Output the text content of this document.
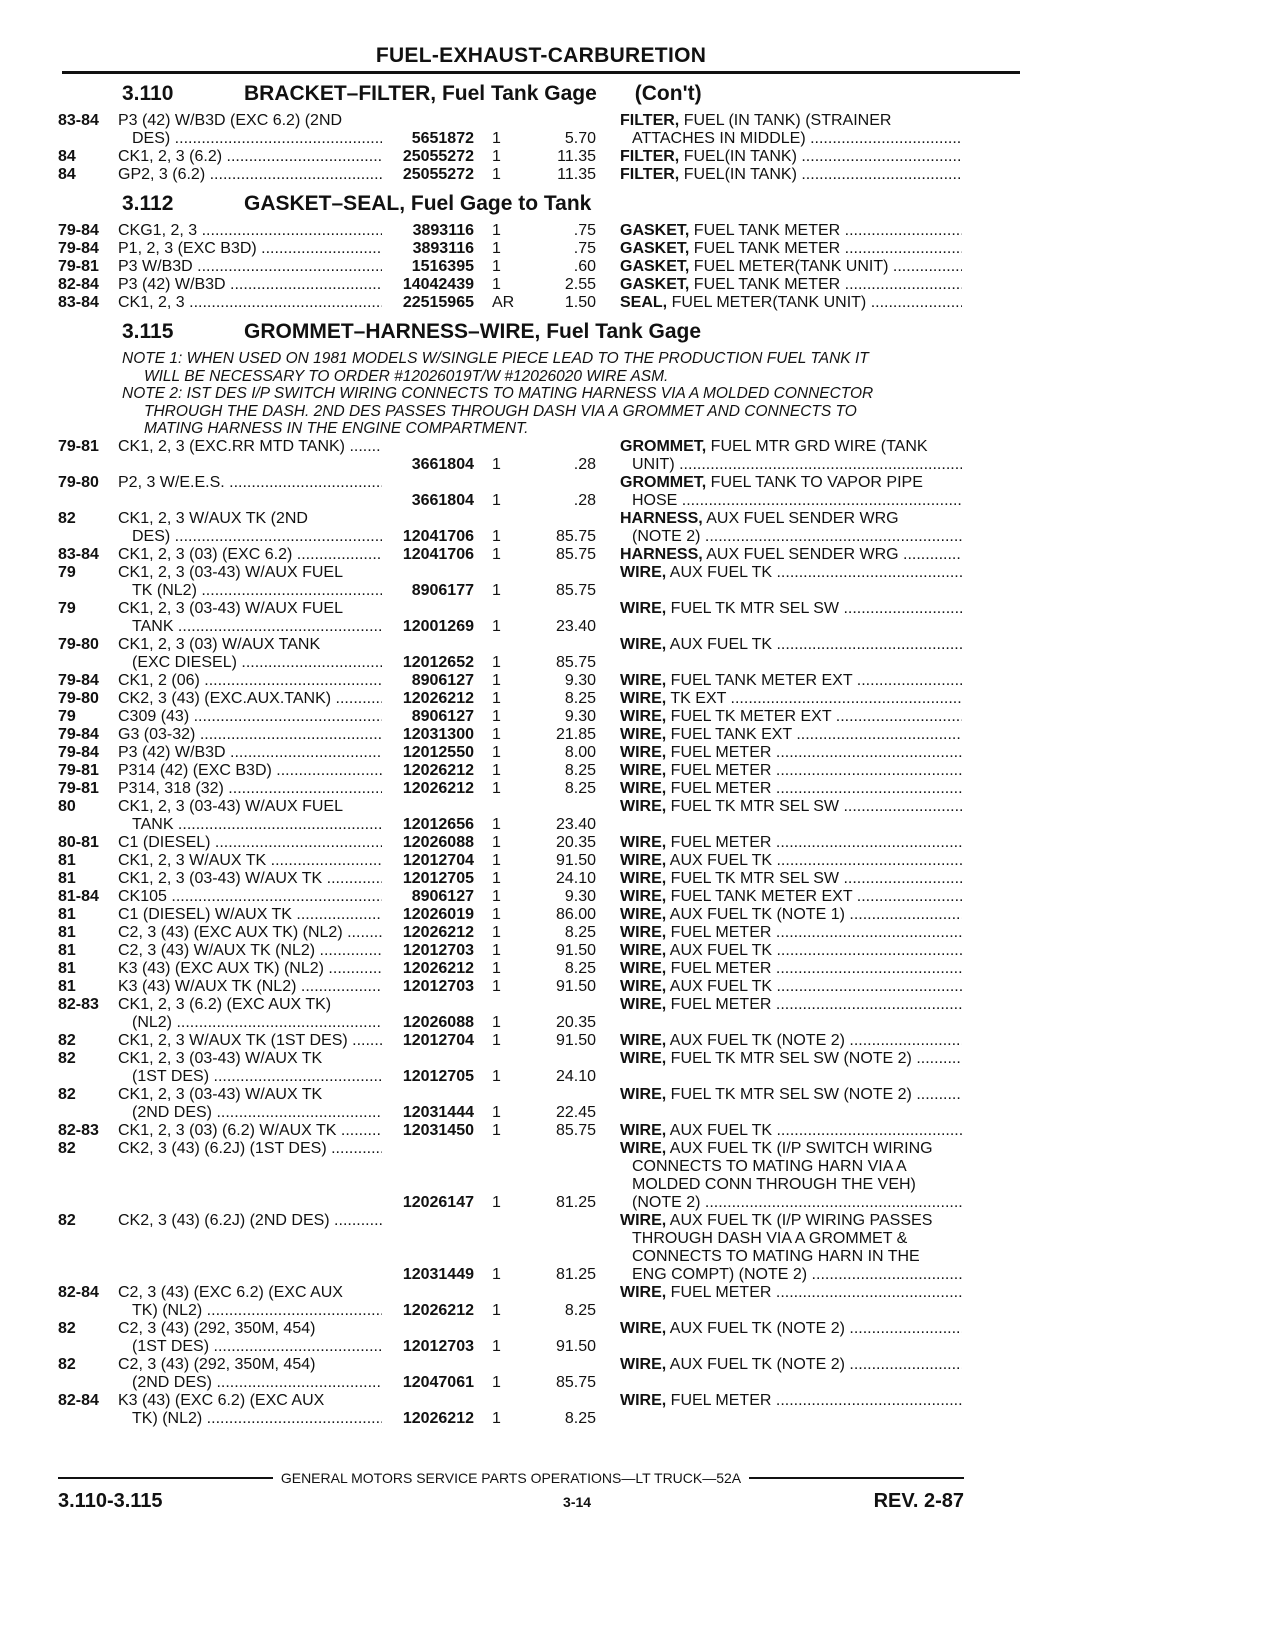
FUEL-EXHAUST-CARBURETION
3.110	BRACKET–FILTER, Fuel Tank Gage (Con't)
83-84	P3 (42) W/B3D (EXC 6.2) (2ND
DES) .....	5651872	1	5.70
FILTER, FUEL (IN TANK) (STRAINER
ATTACHES IN MIDDLE) .....
84	CK1, 2, 3 (6.2) .....	25055272	1	11.35 FILTER, FUEL(IN TANK) .....
84	GP2, 3 (6.2) .....	25055272	1	11.35 FILTER, FUEL(IN TANK) .....
3.112	GASKET–SEAL, Fuel Gage to Tank
79-84	CKG1, 2, 3 .....	3893116	1	.75 GASKET, FUEL TANK METER .....
79-84	P1, 2, 3 (EXC B3D) .....	3893116	1	.75 GASKET, FUEL TANK METER .....
79-81	P3 W/B3D .....	1516395	1	.60 GASKET, FUEL METER(TANK UNIT) .....
82-84	P3 (42) W/B3D .....	14042439	1	2.55 GASKET, FUEL TANK METER .....
83-84	CK1, 2, 3 .....	22515965	AR	1.50 SEAL, FUEL METER(TANK UNIT) .....
3.115	GROMMET–HARNESS–WIRE, Fuel Tank Gage
NOTE 1: WHEN USED ON 1981 MODELS W/SINGLE PIECE LEAD TO THE PRODUCTION FUEL TANK IT
WILL BE NECESSARY TO ORDER #12026019T/W #12026020 WIRE ASM.
NOTE 2: IST DES I/P SWITCH WIRING CONNECTS TO MATING HARNESS VIA A MOLDED CONNECTOR
THROUGH THE DASH. 2ND DES PASSES THROUGH DASH VIA A GROMMET AND CONNECTS TO
MATING HARNESS IN THE ENGINE COMPARTMENT.
79-81	CK1, 2, 3 (EXC.RR MTD TANK) .....
3661804	1	.28
GROMMET, FUEL MTR GRD WIRE (TANK
UNIT) .....
79-80	P2, 3 W/E.E.S. .....
3661804	1	.28
GROMMET, FUEL TANK TO VAPOR PIPE
HOSE .....
82	CK1, 2, 3 W/AUX TK (2ND
DES) .....	12041706	1	85.75
HARNESS, AUX FUEL SENDER WRG
(NOTE 2) .....
83-84	CK1, 2, 3 (03) (EXC 6.2) .....	12041706	1	85.75 HARNESS, AUX FUEL SENDER WRG .....
79	CK1, 2, 3 (03-43) W/AUX FUEL
TK (NL2) .....	8906177	1	85.75
WIRE, AUX FUEL TK .....
79	CK1, 2, 3 (03-43) W/AUX FUEL
TANK .....	12001269	1	23.40
WIRE, FUEL TK MTR SEL SW .....
79-80	CK1, 2, 3 (03) W/AUX TANK
(EXC DIESEL) .....	12012652	1	85.75
WIRE, AUX FUEL TK .....
79-84	CK1, 2 (06) .....	8906127	1	9.30 WIRE, FUEL TANK METER EXT .....
79-80	CK2, 3 (43) (EXC.AUX.TANK) .....	12026212	1	8.25 WIRE, TK EXT .....
79	C309 (43) .....	8906127	1	9.30 WIRE, FUEL TK METER EXT .....
79-84	G3 (03-32) .....	12031300	1	21.85 WIRE, FUEL TANK EXT .....
79-84	P3 (42) W/B3D .....	12012550	1	8.00 WIRE, FUEL METER .....
79-81	P314 (42) (EXC B3D) .....	12026212	1	8.25 WIRE, FUEL METER .....
79-81	P314, 318 (32) .....	12026212	1	8.25 WIRE, FUEL METER .....
80	CK1, 2, 3 (03-43) W/AUX FUEL
TANK .....	12012656	1	23.40
WIRE, FUEL TK MTR SEL SW .....
80-81	C1 (DIESEL) .....	12026088	1	20.35 WIRE, FUEL METER .....
81	CK1, 2, 3 W/AUX TK .....	12012704	1	91.50 WIRE, AUX FUEL TK .....
81	CK1, 2, 3 (03-43) W/AUX TK .....	12012705	1	24.10 WIRE, FUEL TK MTR SEL SW .....
81-84	CK105 .....	8906127	1	9.30 WIRE, FUEL TANK METER EXT .....
81	C1 (DIESEL) W/AUX TK .....	12026019	1	86.00 WIRE, AUX FUEL TK (NOTE 1) .....
81	C2, 3 (43) (EXC AUX TK) (NL2) .....	12026212	1	8.25 WIRE, FUEL METER .....
81	C2, 3 (43) W/AUX TK (NL2) .....	12012703	1	91.50 WIRE, AUX FUEL TK .....
81	K3 (43) (EXC AUX TK) (NL2) .....	12026212	1	8.25 WIRE, FUEL METER .....
81	K3 (43) W/AUX TK (NL2) .....	12012703	1	91.50 WIRE, AUX FUEL TK .....
82-83	CK1, 2, 3 (6.2) (EXC AUX TK)
(NL2) .....	12026088	1	20.35
WIRE, FUEL METER .....
82	CK1, 2, 3 W/AUX TK (1ST DES) .....	12012704	1	91.50 WIRE, AUX FUEL TK (NOTE 2) .....
82	CK1, 2, 3 (03-43) W/AUX TK
(1ST DES) .....	12012705	1	24.10
WIRE, FUEL TK MTR SEL SW (NOTE 2) .....
82	CK1, 2, 3 (03-43) W/AUX TK
(2ND DES) .....	12031444	1	22.45
WIRE, FUEL TK MTR SEL SW (NOTE 2) .....
82-83	CK1, 2, 3 (03) (6.2) W/AUX TK .....	12031450	1	85.75 WIRE, AUX FUEL TK .....
82	CK2, 3 (43) (6.2J) (1ST DES) .....
12026147	1	81.25
WIRE, AUX FUEL TK (I/P SWITCH WIRING
CONNECTS TO MATING HARN VIA A
MOLDED CONN THROUGH THE VEH)
(NOTE 2) .....
82	CK2, 3 (43) (6.2J) (2ND DES) .....
12031449	1	81.25
WIRE, AUX FUEL TK (I/P WIRING PASSES
THROUGH DASH VIA A GROMMET &
CONNECTS TO MATING HARN IN THE
ENG COMPT) (NOTE 2) .....
82-84	C2, 3 (43) (EXC 6.2) (EXC AUX
TK) (NL2) .....	12026212	1	8.25
WIRE, FUEL METER .....
82	C2, 3 (43) (292, 350M, 454)
(1ST DES) .....	12012703	1	91.50
WIRE, AUX FUEL TK (NOTE 2) .....
82	C2, 3 (43) (292, 350M, 454)
(2ND DES) .....	12047061	1	85.75
WIRE, AUX FUEL TK (NOTE 2) .....
82-84	K3 (43) (EXC 6.2) (EXC AUX
TK) (NL2) .....	12026212	1	8.25
WIRE, FUEL METER .....
GENERAL MOTORS SERVICE PARTS OPERATIONS—LT TRUCK—52A
3.110-3.115	3-14	REV. 2-87
